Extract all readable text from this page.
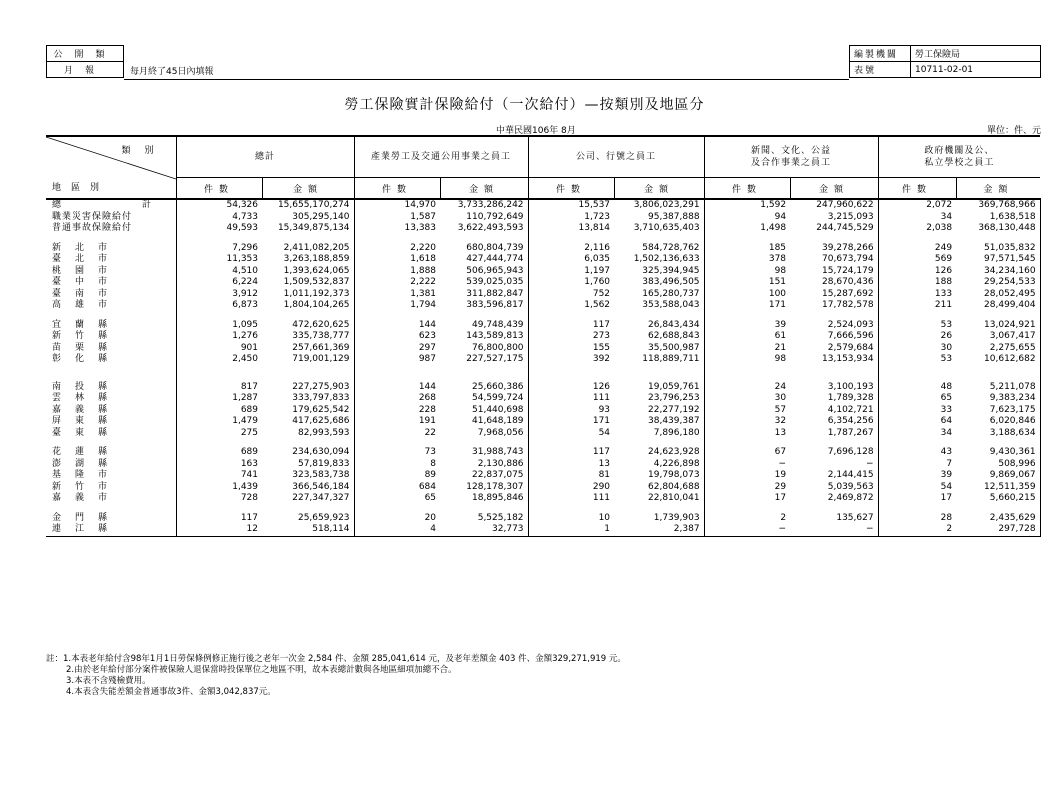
公開類
月報	每月終了45日內填報
編製機關	勞工保險局
表號	10711-02-01
勞工保險實計保險給付（一次給付）—按類別及地區分
中華民國106年 8月	單位：件、元
類別
地區別	總計		產業勞工及交通公用事業之員工		公司、行號之員工		新聞、文化、公益
及合作事業之員工		政府機關及公、
私立學校之員工	
	件數	金額	件數	金額	件數	金額	件數	金額	件數	金額
總　　　　　　　　　計	54,326	15,655,170,274	14,970	3,733,286,242	15,537	3,806,023,291	1,592	247,960,622	2,072	369,768,966
職業災害保險給付	4,733	305,295,140	1,587	110,792,649	1,723	95,387,888	94	3,215,093	34	1,638,518
普通事故保險給付	49,593	15,349,875,134	13,383	3,622,493,593	13,814	3,710,635,403	1,498	244,745,529	2,038	368,130,448

新北市	7,296	2,411,082,205	2,220	680,804,739	2,116	584,728,762	185	39,278,266	249	51,035,832
臺北市	11,353	3,263,188,859	1,618	427,444,774	6,035	1,502,136,633	378	70,673,794	569	97,571,545
桃園市	4,510	1,393,624,065	1,888	506,965,943	1,197	325,394,945	98	15,724,179	126	34,234,160
臺中市	6,224	1,509,532,837	2,222	539,025,035	1,760	383,496,505	151	28,670,436	188	29,254,533
臺南市	3,912	1,011,192,373	1,381	311,882,847	752	165,280,737	100	15,287,692	133	28,052,495
高雄市	6,873	1,804,104,265	1,794	383,596,817	1,562	353,588,043	171	17,782,578	211	28,499,404

宜蘭縣	1,095	472,620,625	144	49,748,439	117	26,843,434	39	2,524,093	53	13,024,921
新竹縣	1,276	335,738,777	623	143,589,813	273	62,688,843	61	7,666,596	26	3,067,417
苗栗縣	901	257,661,369	297	76,800,800	155	35,500,987	21	2,579,684	30	2,275,655
彰化縣	2,450	719,001,129	987	227,527,175	392	118,889,711	98	13,153,934	53	10,612,682

南投縣	817	227,275,903	144	25,660,386	126	19,059,761	24	3,100,193	48	5,211,078
雲林縣	1,287	333,797,833	268	54,599,724	111	23,796,253	30	1,789,328	65	9,383,234
嘉義縣	689	179,625,542	228	51,440,698	93	22,277,192	57	4,102,721	33	7,623,175
屏東縣	1,479	417,625,686	191	41,648,189	171	38,439,387	32	6,354,256	64	6,020,846
臺東縣	275	82,993,593	22	7,968,056	54	7,896,180	13	1,787,267	34	3,188,634

花蓮縣	689	234,630,094	73	31,988,743	117	24,623,928	67	7,696,128	43	9,430,361
澎湖縣	163	57,819,833	8	2,130,886	13	4,226,898	−	−	7	508,996
基隆市	741	323,583,738	89	22,837,075	81	19,798,073	19	2,144,415	39	9,869,067
新竹市	1,439	366,546,184	684	128,178,307	290	62,804,688	29	5,039,563	54	12,511,359
嘉義市	728	227,347,327	65	18,895,846	111	22,810,041	17	2,469,872	17	5,660,215

金門縣	117	25,659,923	20	5,525,182	10	1,739,903	2	135,627	28	2,435,629
連江縣	12	518,114	4	32,773	1	2,387	−	−	2	297,728
註：1.本表老年給付含98年1月1日勞保條例修正施行後之老年一次金 2,584 件、金額 285,041,614 元，及老年差額金 403 件、金額329,271,919 元。
2.由於老年給付部分案件被保險人退保當時投保單位之地區不明，故本表總計數與各地區細項加總不合。
3.本表不含殘檢費用。
4.本表含失能差額金普通事故3件、金額3,042,837元。
